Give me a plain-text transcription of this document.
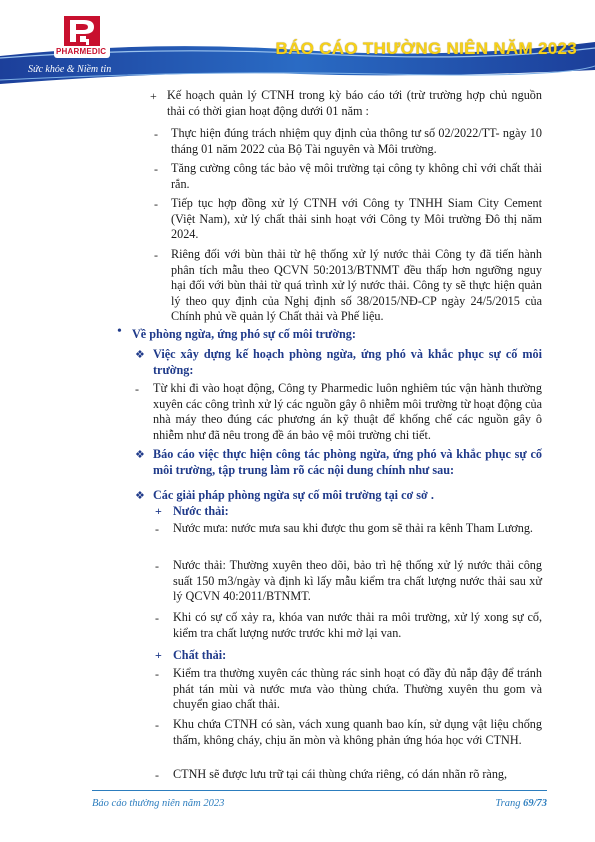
PHARMEDIC
Sức khỏe & Niềm tin
BÁO CÁO THƯỜNG NIÊN NĂM 2023
+ Kế hoạch quản lý CTNH trong kỳ báo cáo tới (trừ trường hợp chủ nguồn thải có thời gian hoạt động dưới 01 năm :
- Thực hiện đúng trách nhiệm quy định của thông tư số 02/2022/TT- ngày 10 tháng 01 năm 2022 của Bộ Tài nguyên và Môi trường.
- Tăng cường công tác bảo vệ môi trường tại công ty không chỉ với chất thải rắn.
- Tiếp tục hợp đồng xử lý CTNH với Công ty TNHH Siam City Cement (Việt Nam), xử lý chất thải sinh hoạt với Công ty Môi trường Đô thị năm 2024.
- Riêng đối với bùn thải từ hệ thống xử lý nước thải Công ty đã tiến hành phân tích mẫu theo QCVN 50:2013/BTNMT đều thấp hơn ngưỡng nguy hại đối với bùn thải từ quá trình xử lý nước thải. Công ty sẽ thực hiện quản lý theo quy định của Nghị định số 38/2015/NĐ-CP ngày 24/5/2015 của Chính phủ về quản lý Chất thải và Phế liệu.
• Về phòng ngừa, ứng phó sự cố môi trường:
❖ Việc xây dựng kế hoạch phòng ngừa, ứng phó và khắc phục sự cố môi trường:
- Từ khi đi vào hoạt động, Công ty Pharmedic luôn nghiêm túc vận hành thường xuyên các công trình xử lý các nguồn gây ô nhiễm môi trường từ hoạt động của nhà máy theo đúng các phương án kỹ thuật để khống chế các nguồn gây ô nhiễm như đã nêu trong đề án bảo vệ môi trường chi tiết.
❖ Báo cáo việc thực hiện công tác phòng ngừa, ứng phó và khắc phục sự cố môi trường, tập trung làm rõ các nội dung chính như sau:
❖ Các giải pháp phòng ngừa sự cố môi trường tại cơ sở .
+ Nước thải:
- Nước mưa: nước mưa sau khi được thu gom sẽ thải ra kênh Tham Lương.
- Nước thải: Thường xuyên theo dõi, bảo trì hệ thống xử lý nước thải công suất 150 m3/ngày và định kì lấy mẫu kiểm tra chất lượng nước thải sau xử lý QCVN 40:2011/BTNMT.
- Khi có sự cố xảy ra, khóa van nước thải ra môi trường, xử lý xong sự cố, kiểm tra chất lượng nước trước khi mở lại van.
+ Chất thải:
- Kiểm tra thường xuyên các thùng rác sinh hoạt có đầy đủ nắp đậy để tránh phát tán mùi và nước mưa vào thùng chứa. Thường xuyên thu gom và chuyển giao chất thải.
- Khu chứa CTNH có sàn, vách xung quanh bao kín, sử dụng vật liệu chống thấm, không cháy, chịu ăn mòn và không phản ứng hóa học với CTNH.
- CTNH sẽ được lưu trữ tại cái thùng chứa riêng, có dán nhãn rõ ràng,
Báo cáo thường niên năm 2023	Trang 69/73
